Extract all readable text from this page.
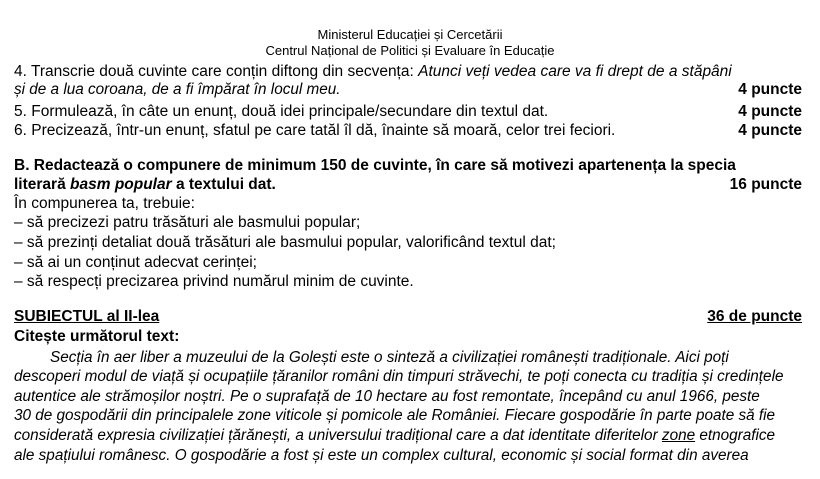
Ministerul Educației și Cercetării
Centrul Național de Politici și Evaluare în Educație
4. Transcrie două cuvinte care conțin diftong din secvența: Atunci veți vedea care va fi drept de a stăpâni
și de a lua coroana, de a fi împărat în locul meu.	4 puncte
5. Formulează, în câte un enunț, două idei principale/secundare din textul dat.	4 puncte
6. Precizează, într-un enunț, sfatul pe care tatăl îl dă, înainte să moară, celor trei feciori.	4 puncte
B. Redactează o compunere de minimum 150 de cuvinte, în care să motivezi apartenența la specia
literară basm popular a textului dat.	16 puncte
În compunerea ta, trebuie:
– să precizezi patru trăsături ale basmului popular;
– să prezinți detaliat două trăsături ale basmului popular, valorificând textul dat;
– să ai un conținut adecvat cerinței;
– să respecți precizarea privind numărul minim de cuvinte.
SUBIECTUL al II-lea	36 de puncte
Citește următorul text:
Secția în aer liber a muzeului de la Golești este o sinteză a civilizației românești tradiționale. Aici poți
descoperi modul de viață și ocupațiile țăranilor români din timpuri străvechi, te poți conecta cu tradiția și credințele
autentice ale strămoșilor noștri. Pe o suprafață de 10 hectare au fost remontate, începând cu anul 1966, peste
30 de gospodării din principalele zone viticole și pomicole ale României. Fiecare gospodărie în parte poate să fie
considerată expresia civilizației țărănești, a universului tradițional care a dat identitate diferitelor zone etnografice
ale spațiului românesc. O gospodărie a fost și este un complex cultural, economic și social format din averea
